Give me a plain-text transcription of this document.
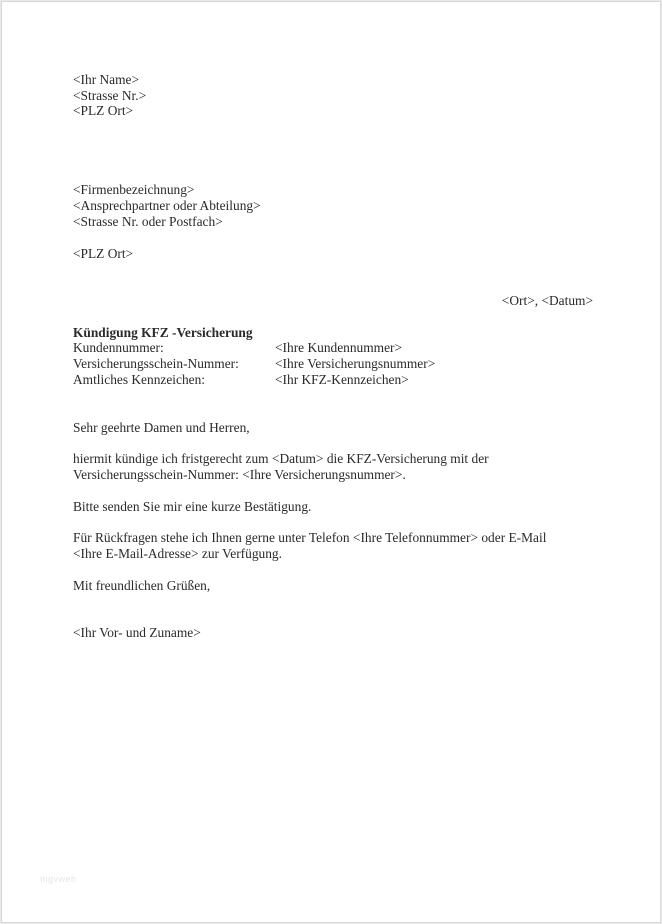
<Ihr Name>
<Strasse Nr.>
<PLZ Ort>
<Firmenbezeichnung>
<Ansprechpartner oder Abteilung>
<Strasse Nr. oder Postfach>
<PLZ Ort>
<Ort>, <Datum>
Kündigung KFZ -Versicherung
Kundennummer:	<Ihre Kundennummer>
Versicherungsschein-Nummer:	<Ihre Versicherungsnummer>
Amtliches Kennzeichen:	<Ihr KFZ-Kennzeichen>
Sehr geehrte Damen und Herren,
hiermit kündige ich fristgerecht zum <Datum> die KFZ-Versicherung mit der
Versicherungsschein-Nummer: <Ihre Versicherungsnummer>.
Bitte senden Sie mir eine kurze Bestätigung.
Für Rückfragen stehe ich Ihnen gerne unter Telefon <Ihre Telefonnummer> oder E-Mail
<Ihre E-Mail-Adresse> zur Verfügung.
Mit freundlichen Grüßen,
<Ihr Vor- und Zuname>
mgvweb
